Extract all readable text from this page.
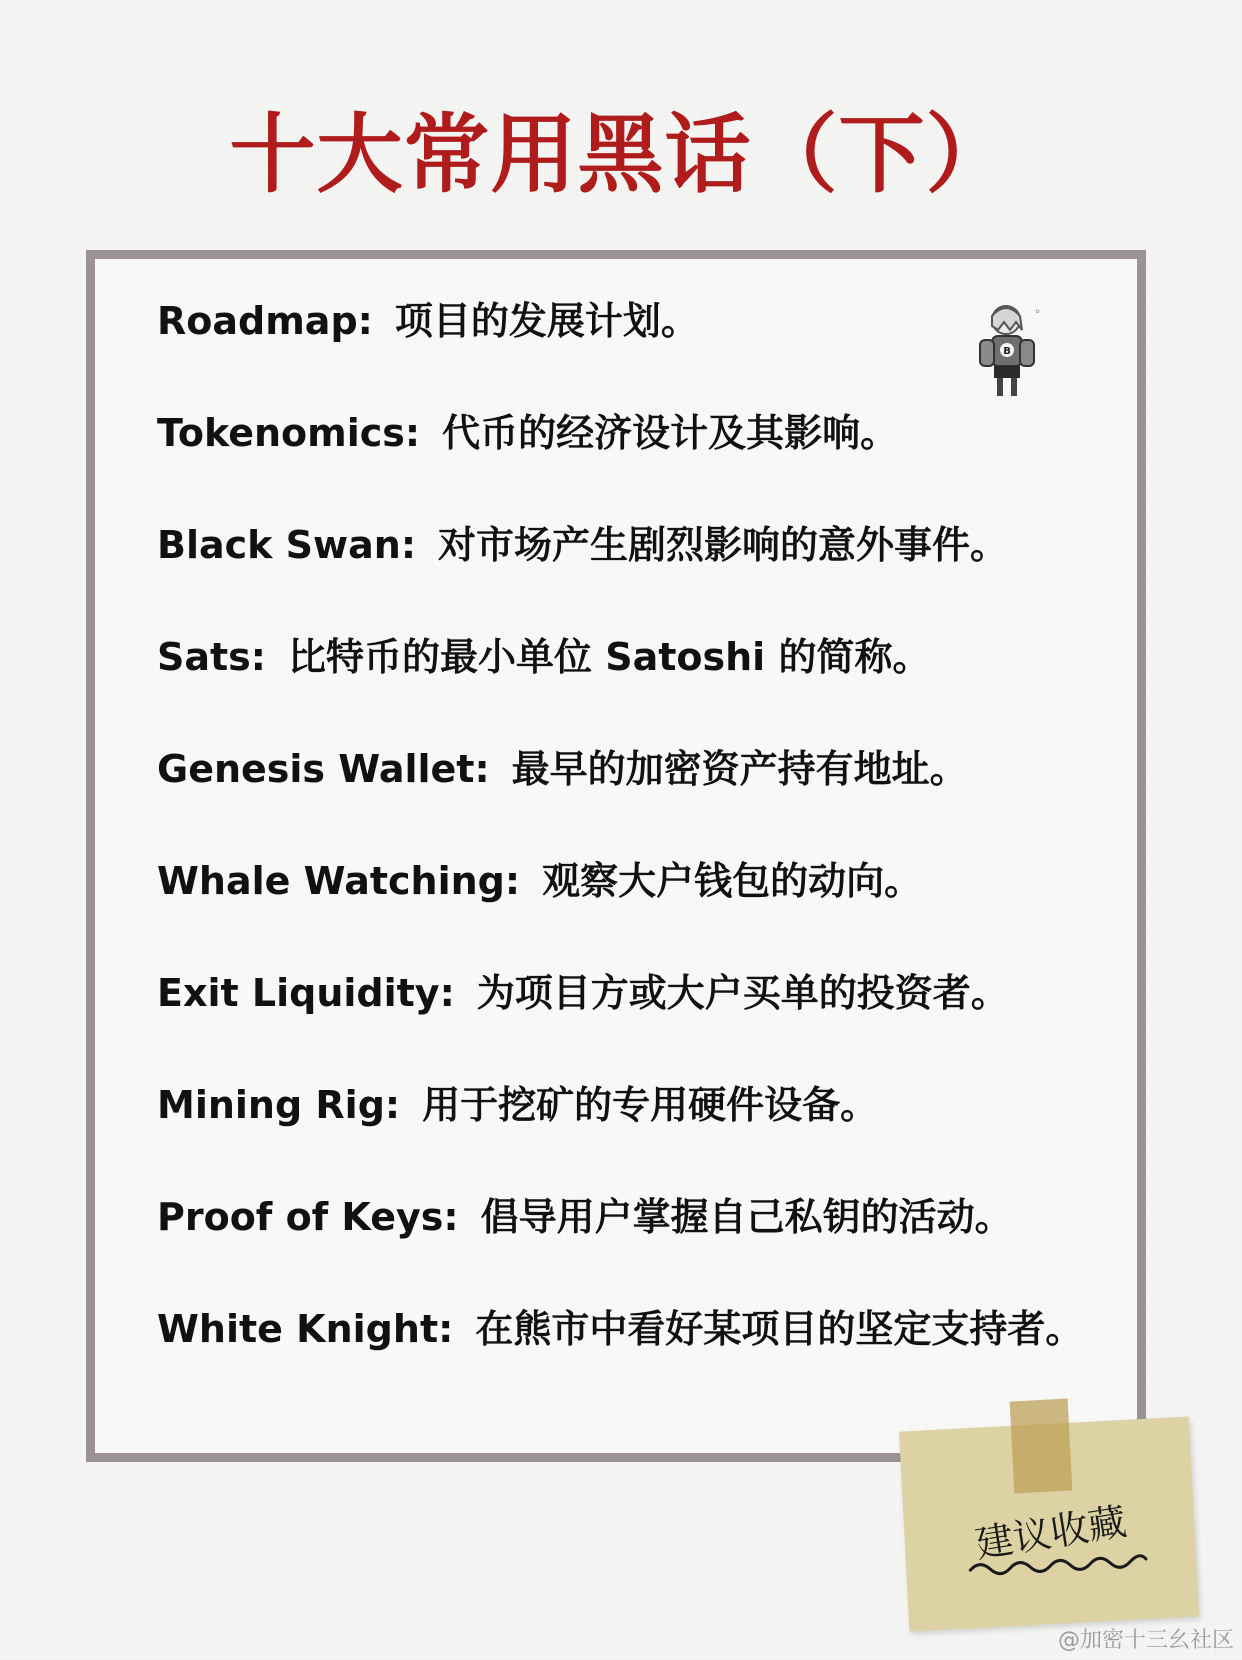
十大常用黑话（下）
Roadmap: 项目的发展计划。
Tokenomics: 代币的经济设计及其影响。
Black Swan: 对市场产生剧烈影响的意外事件。
Sats: 比特币的最小单位 Satoshi 的简称。
Genesis Wallet: 最早的加密资产持有地址。
Whale Watching: 观察大户钱包的动向。
Exit Liquidity: 为项目方或大户买单的投资者。
Mining Rig: 用于挖矿的专用硬件设备。
Proof of Keys: 倡导用户掌握自己私钥的活动。
White Knight: 在熊市中看好某项目的坚定支持者。
B
ᵇ
建议收藏
@加密十三幺社区
